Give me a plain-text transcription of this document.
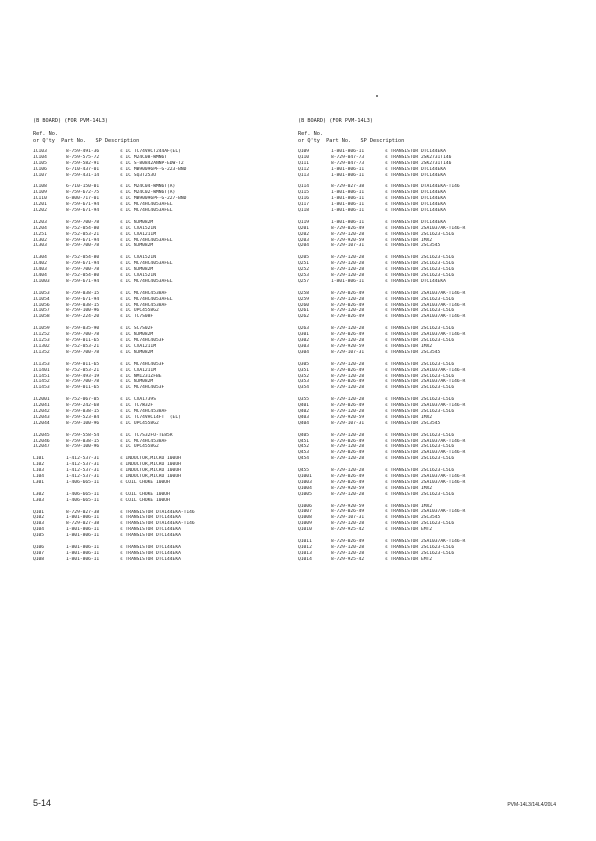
(B BOARD) (FOR PVM-14L3)
Ref. No.
or Q'ty  Part No.   SP Description
IC103	8-759-491-36	s IC TC74VHCT244AF(EL)
IC104	8-759-575-72	s IC M24C08-WMN6T
IC105	8-759-582-91	s IC S-80842ANNP-EDW-T2
IC106	6-710-437-01	s IC MB90096PF-G-223-BND
IC107	8-759-431-14	s IC SQ3T253U
IC108	6-710-150-01	s IC M24C04-WMN6T(A)
IC109	8-759-672-75	s IC M24C02-WMN6T(A)
IC110	6-800-717-01	s IC MB90096PF-G-227-BND
IC201	8-759-671-94	s IC MC74HC4053AFEL
IC202	8-759-671-94	s IC MC74HC4053AFEL
IC203	8-759-700-78	s IC NJM082M
IC204	8-752-054-80	s IC CXA1521N
IC251	8-752-053-21	s IC CXA1211M
IC302	8-759-671-94	s IC MC74HC4053AFEL
IC303	8-759-700-78	s IC NJM082M
IC304	8-752-054-80	s IC CXA1521N
IC402	8-759-671-94	s IC MC74HC4053AFEL
IC403	8-759-700-78	s IC NJM082M
IC404	8-752-054-80	s IC CXA1521N
IC1003	8-759-671-94	s IC MC74HC4053AFEL
IC1053	8-759-038-15	s IC MC74HC4538AF
IC1054	8-759-671-94	s IC MC74HC4053AFEL
IC1056	8-759-038-15	s IC MC74HC4538AF
IC1057	8-759-100-96	s IC UPC4558G2
IC1058	8-759-224-20	s IC TC7S08F
IC1059	8-759-035-90	s IC SC7S02F
IC1252	8-759-700-78	s IC NJM082M
IC1253	8-759-011-65	s IC MC74HC4053F
IC1302	8-752-053-21	s IC CXA1211M
IC1352	8-759-700-78	s IC NJM082M
IC1353	8-759-011-65	s IC MC74HC4053F
IC1401	8-752-053-21	s IC CXA1211M
IC1451	8-759-493-19	s IC NM1231ZFBE
IC1452	8-759-700-78	s IC NJM082M
IC1453	8-759-011-65	s IC MC74HC4053F
IC2001	8-752-067-05	s IC CXA1739S
IC2041	8-759-242-68	s IC TC7W32F
IC2042	8-759-038-15	s IC MC74HC4538AF
IC2043	8-759-523-84	s IC TC74VHC14FT  (EL)
IC2044	8-759-100-96	s IC UPC4558G2
IC2045	8-759-558-54	s IC TC7S32FU-TE85R
IC2046	8-759-038-15	s IC MC74HC4538AF
IC2047	8-759-100-96	s IC UPC4558G2
L101	1-412-537-31	s INDUCTOR,MICRO 100UH
L102	1-412-537-31	s INDUCTOR,MICRO 100UH
L103	1-412-537-31	s INDUCTOR,MICRO 100UH
L104	1-412-537-31	s INDUCTOR,MICRO 100UH
L301	1-406-665-11	s COIL CHOKE 100UH
L302	1-406-665-11	s COIL CHOKE 100UH
L303	1-406-665-11	s COIL CHOKE 100UH
Q101	8-729-027-38	s TRANSISTOR DTA144EKA-T146
Q102	1-801-806-11	s TRANSISTOR DTC144EKA
Q103	8-729-027-38	s TRANSISTOR DTA144EKA-T146
Q104	1-801-806-11	s TRANSISTOR DTC144EKA
Q105	1-801-806-11	s TRANSISTOR DTC144EKA
Q106	1-801-806-11	s TRANSISTOR DTC144EKA
Q107	1-801-806-11	s TRANSISTOR DTC144EKA
Q108	1-801-806-11	s TRANSISTOR DTC144EKA
(B BOARD) (FOR PVM-14L3)
Ref. No.
or Q'ty  Part No.   SP Description
Q109	1-801-806-11	s TRANSISTOR DTC144EKA
Q110	8-729-047-73	s TRANSISTOR 2SK2731T146
Q111	8-729-047-73	s TRANSISTOR 2SK2731T146
Q112	1-801-806-11	s TRANSISTOR DTC144EKA
Q113	1-801-806-11	s TRANSISTOR DTC144EKA
Q114	8-729-027-38	s TRANSISTOR DTA144EKA-T146
Q115	1-801-806-11	s TRANSISTOR DTC144EKA
Q116	1-801-806-11	s TRANSISTOR DTC144EKA
Q117	1-801-806-11	s TRANSISTOR DTC144EKA
Q118	1-801-806-11	s TRANSISTOR DTC144EKA
Q119	1-801-806-11	s TRANSISTOR DTC144EKA
Q201	8-729-026-49	s TRANSISTOR 2SA1037AK-T146-R
Q202	8-729-120-28	s TRANSISTOR 2SC1623-L5L6
Q203	8-729-920-59	s TRANSISTOR IMX2
Q204	8-729-107-31	s TRANSISTOR 2SC3545
Q205	8-729-120-28	s TRANSISTOR 2SC1623-L5L6
Q251	8-729-120-28	s TRANSISTOR 2SC1623-L5L6
Q252	8-729-120-28	s TRANSISTOR 2SC1623-L5L6
Q253	8-729-120-28	s TRANSISTOR 2SC1623-L5L6
Q257	1-801-806-11	s TRANSISTOR DTC144EKA
Q258	8-729-026-49	s TRANSISTOR 2SA1037AK-T146-R
Q259	8-729-120-28	s TRANSISTOR 2SC1623-L5L6
Q260	8-729-026-49	s TRANSISTOR 2SA1037AK-T146-R
Q261	8-729-120-28	s TRANSISTOR 2SC1623-L5L6
Q262	8-729-026-49	s TRANSISTOR 2SA1037AK-T146-R
Q263	8-729-120-28	s TRANSISTOR 2SC1623-L5L6
Q301	8-729-026-49	s TRANSISTOR 2SA1037AK-T146-R
Q302	8-729-120-28	s TRANSISTOR 2SC1623-L5L6
Q303	8-729-920-59	s TRANSISTOR IMX2
Q304	8-729-107-31	s TRANSISTOR 2SC3545
Q305	8-729-120-28	s TRANSISTOR 2SC1623-L5L6
Q351	8-729-026-49	s TRANSISTOR 2SA1037AK-T146-R
Q352	8-729-120-28	s TRANSISTOR 2SC1623-L5L6
Q353	8-729-026-49	s TRANSISTOR 2SA1037AK-T146-R
Q354	8-729-120-28	s TRANSISTOR 2SC1623-L5L6
Q355	8-729-120-28	s TRANSISTOR 2SC1623-L5L6
Q401	8-729-026-49	s TRANSISTOR 2SA1037AK-T146-R
Q402	8-729-120-28	s TRANSISTOR 2SC1623-L5L6
Q403	8-729-920-59	s TRANSISTOR IMX2
Q404	8-729-107-31	s TRANSISTOR 2SC3545
Q405	8-729-120-28	s TRANSISTOR 2SC1623-L5L6
Q451	8-729-026-49	s TRANSISTOR 2SA1037AK-T146-R
Q452	8-729-120-28	s TRANSISTOR 2SC1623-L5L6
Q453	8-729-026-49	s TRANSISTOR 2SA1037AK-T146-R
Q454	8-729-120-28	s TRANSISTOR 2SC1623-L5L6
Q455	8-729-120-28	s TRANSISTOR 2SC1623-L5L6
Q1001	8-729-026-49	s TRANSISTOR 2SA1037AK-T146-R
Q1003	8-729-026-49	s TRANSISTOR 2SA1037AK-T146-R
Q1004	8-729-920-59	s TRANSISTOR IMX2
Q1005	8-729-120-28	s TRANSISTOR 2SC1623-L5L6
Q1006	8-729-920-59	s TRANSISTOR IMX2
Q1007	8-729-026-49	s TRANSISTOR 2SA1037AK-T146-R
Q1008	8-729-107-31	s TRANSISTOR 2SC3545
Q1009	8-729-120-28	s TRANSISTOR 2SC1623-L5L6
Q1010	8-729-925-42	s TRANSISTOR EMT2
Q1011	8-729-026-49	s TRANSISTOR 2SA1037AK-T146-R
Q1012	8-729-120-28	s TRANSISTOR 2SC1623-L5L6
Q1013	8-729-120-28	s TRANSISTOR 2SC1623-L5L6
Q1014	8-729-925-42	s TRANSISTOR EMT2
5-14	PVM-14L3/14L4/20L4
